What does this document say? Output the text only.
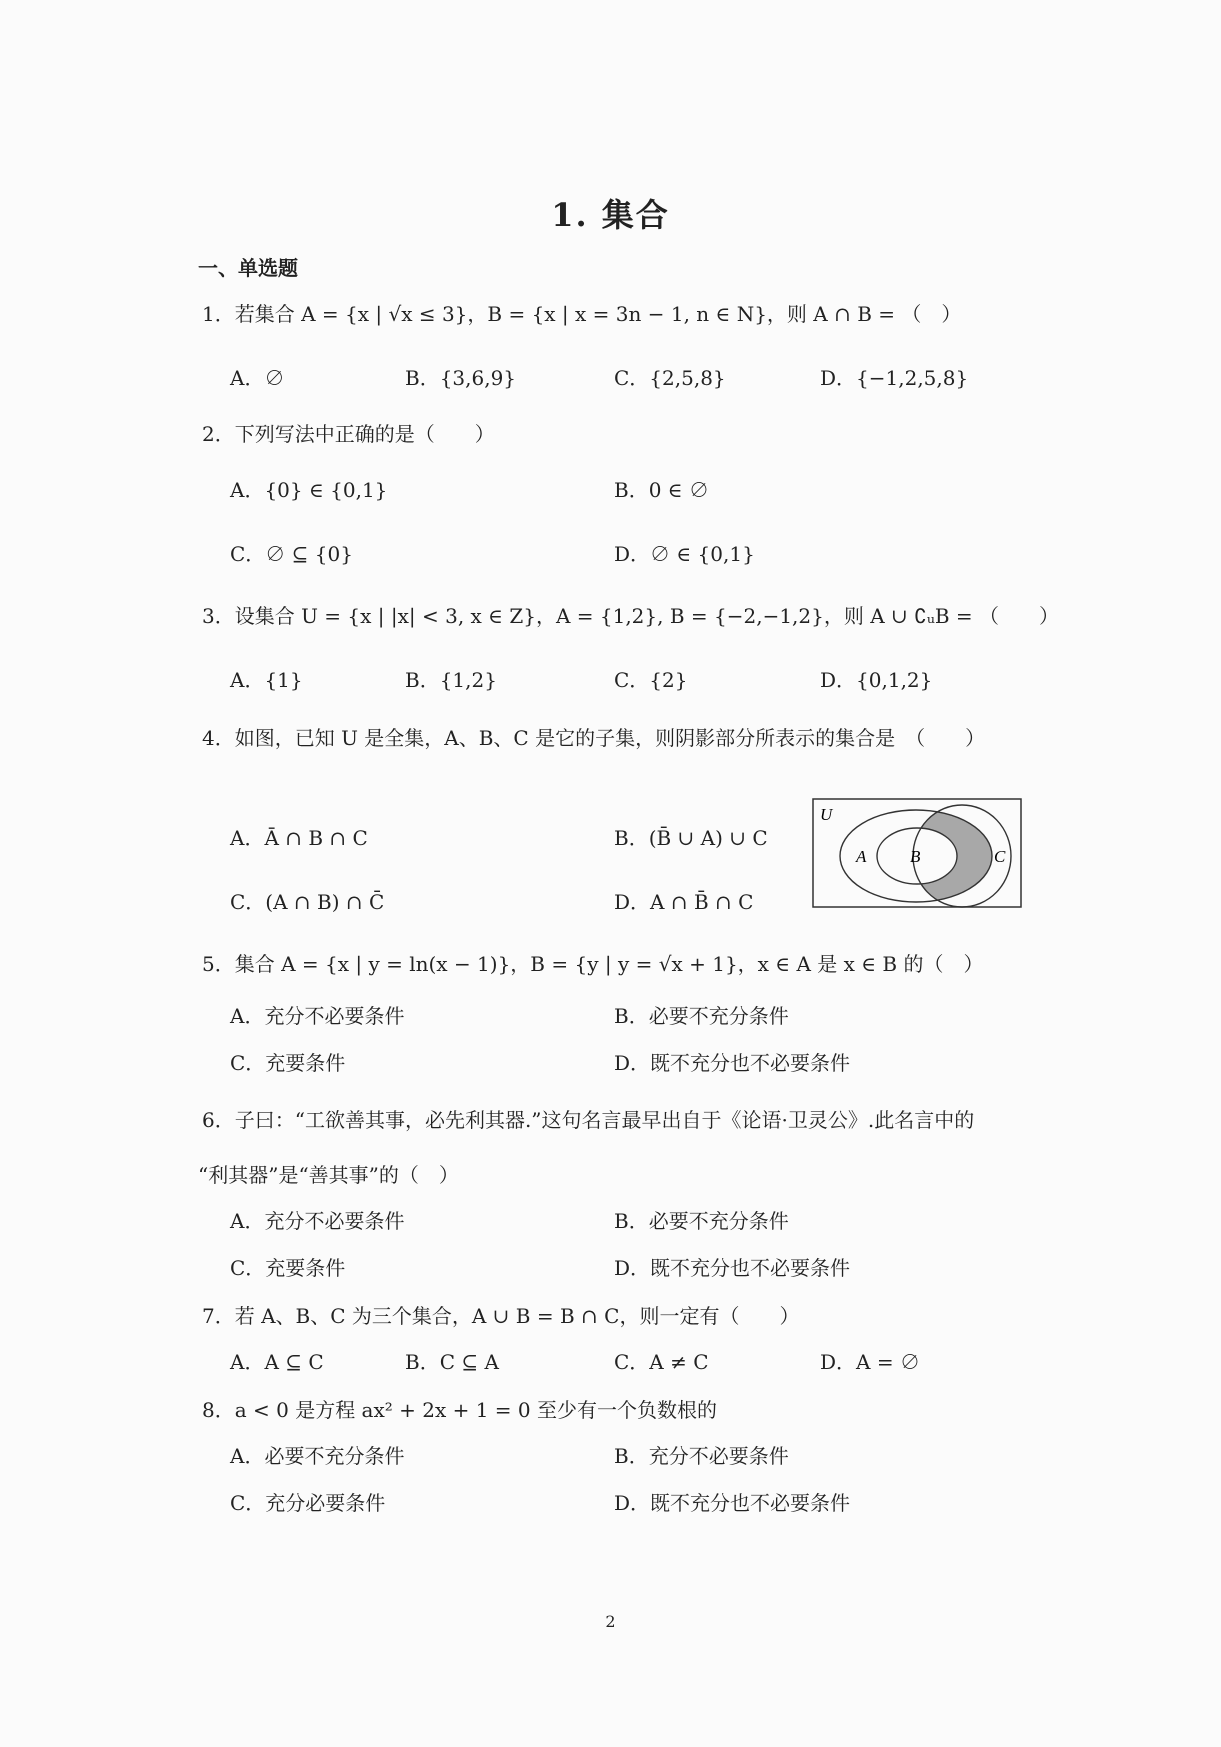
1. 集合
一、单选题
1．若集合 A = {x | √x ≤ 3}，B = {x | x = 3n − 1, n ∈ N}，则 A ∩ B = （　）
A．∅	B．{3,6,9}	C．{2,5,8}	D．{−1,2,5,8}
2．下列写法中正确的是（　　）
A．{0} ∈ {0,1}	B．0 ∈ ∅
C．∅ ⊆ {0}	D．∅ ∈ {0,1}
3．设集合 U = {x | |x| < 3, x ∈ Z}，A = {1,2}, B = {−2,−1,2}，则 A ∪ ∁ᵤB = （　　）
A．{1}	B．{1,2}	C．{2}	D．{0,1,2}
4．如图，已知 U 是全集，A、B、C 是它的子集，则阴影部分所表示的集合是　（　　）
A．Ā ∩ B ∩ C	B．(B̄ ∪ A) ∪ C
C．(A ∩ B) ∩ C̄	D．A ∩ B̄ ∩ C
U
A	B	C
5．集合 A = {x | y = ln(x − 1)}，B = {y | y = √x + 1}，x ∈ A 是 x ∈ B 的（　）
A．充分不必要条件	B．必要不充分条件
C．充要条件	D．既不充分也不必要条件
6．子曰：“工欲善其事，必先利其器.”这句名言最早出自于《论语·卫灵公》.此名言中的
“利其器”是“善其事”的（　）
A．充分不必要条件	B．必要不充分条件
C．充要条件	D．既不充分也不必要条件
7．若 A、B、C 为三个集合，A ∪ B = B ∩ C，则一定有（　　）
A．A ⊆ C	B．C ⊆ A	C．A ≠ C	D．A = ∅
8．a < 0 是方程 ax² + 2x + 1 = 0 至少有一个负数根的
A．必要不充分条件	B．充分不必要条件
C．充分必要条件	D．既不充分也不必要条件
2
